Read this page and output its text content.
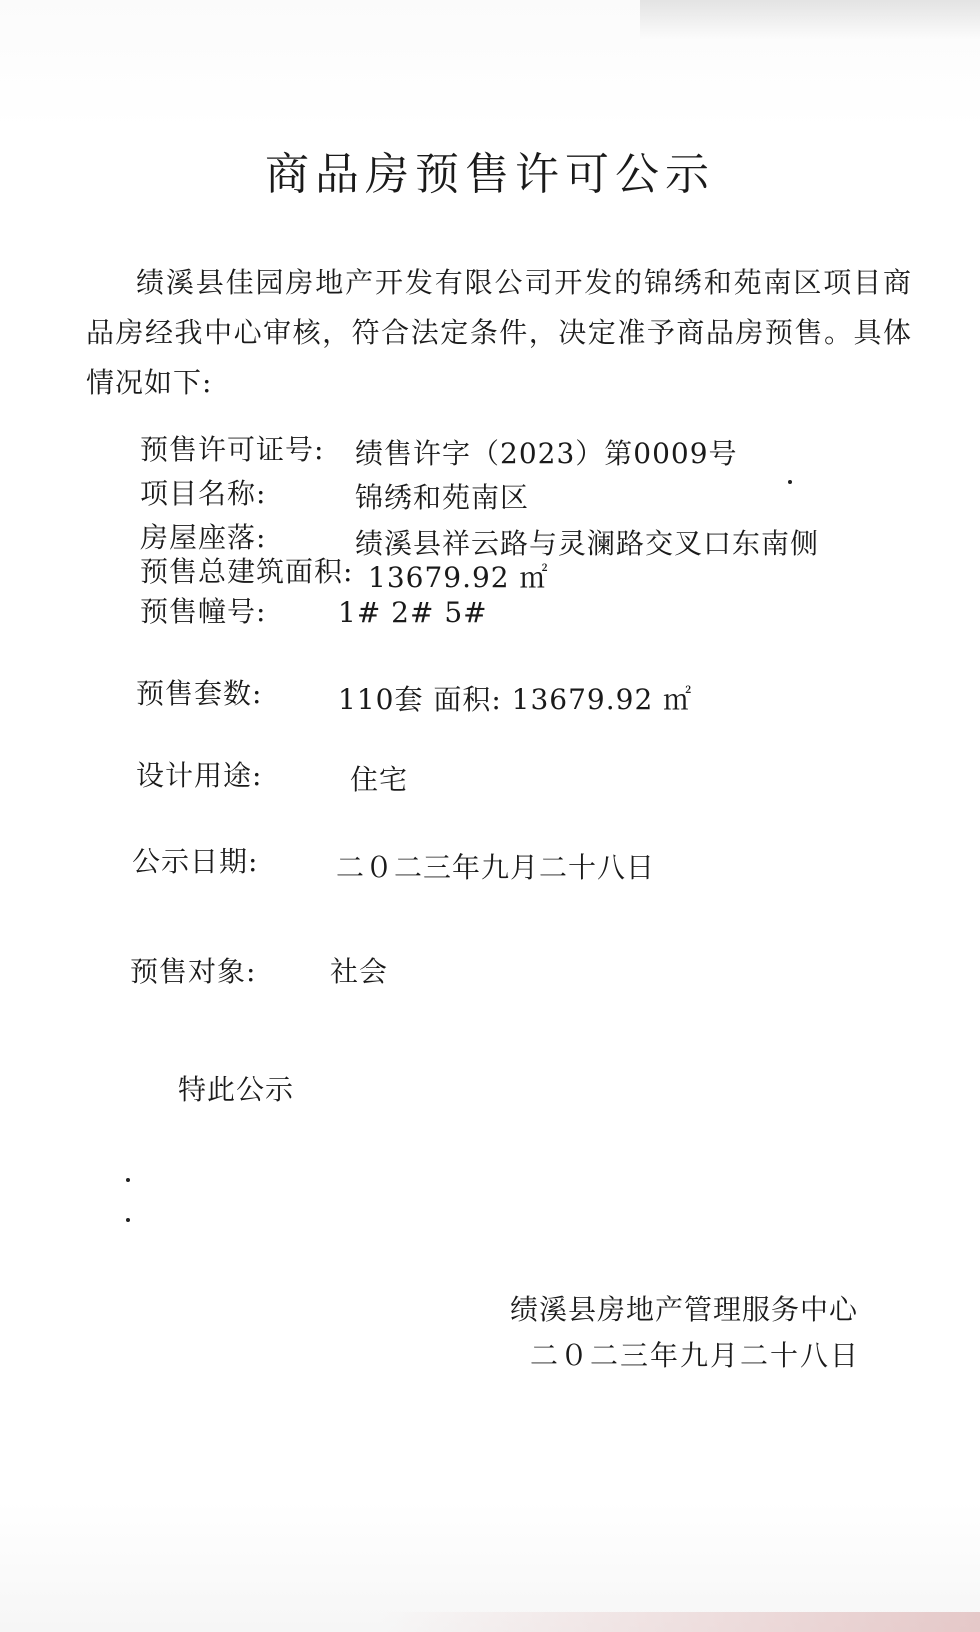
商品房预售许可公示
绩溪县佳园房地产开发有限公司开发的锦绣和苑南区项目商品房经我中心审核，符合法定条件，决定准予商品房预售。具体情况如下:
预售许可证号: 绩售许字（2023）第0009号
项目名称:	锦绣和苑南区
房屋座落:	绩溪县祥云路与灵澜路交叉口东南侧
预售总建筑面积: 13679.92 ㎡
预售幢号:	1# 2# 5#
预售套数:	110套 面积: 13679.92 ㎡
设计用途:	住宅
公示日期:	二０二三年九月二十八日
预售对象:	社会
特此公示
绩溪县房地产管理服务中心
二０二三年九月二十八日
